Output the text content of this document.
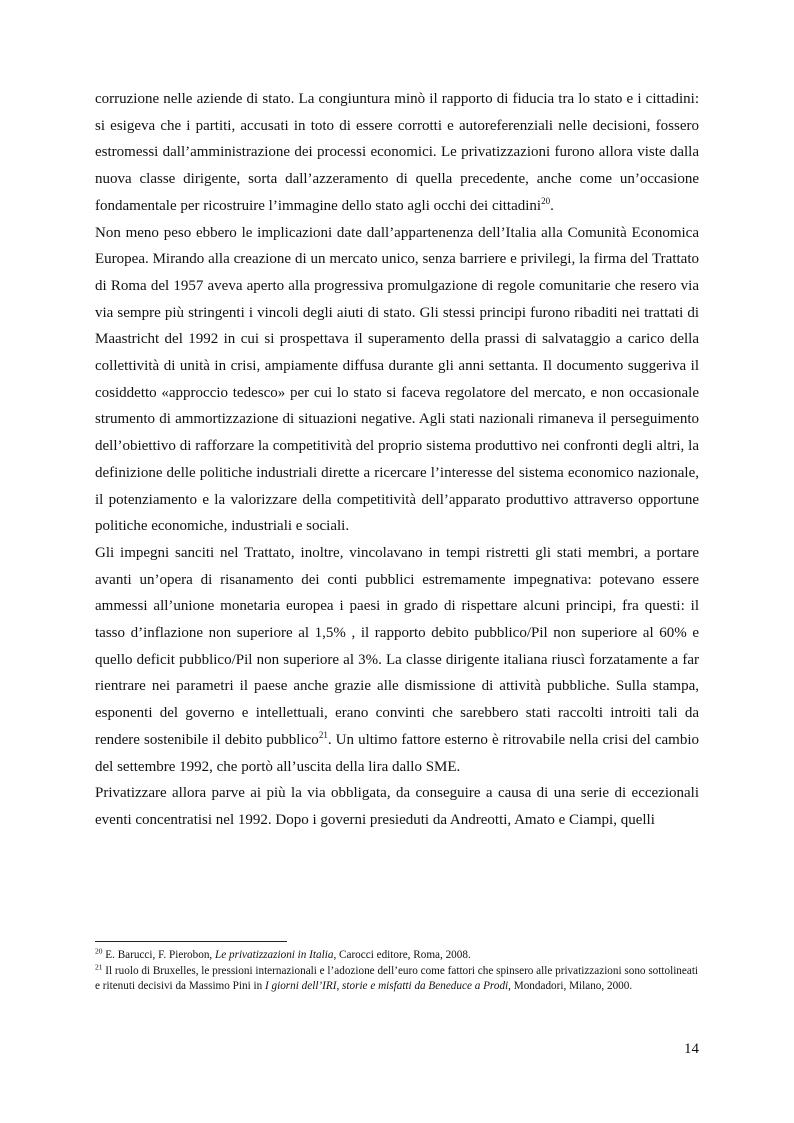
corruzione nelle aziende di stato. La congiuntura minò il rapporto di fiducia tra lo stato e i cittadini: si esigeva che i partiti, accusati in toto di essere corrotti e autoreferenziali nelle decisioni, fossero estromessi dall’amministrazione dei processi economici. Le privatizzazioni furono allora viste dalla nuova classe dirigente, sorta dall’azzeramento di quella precedente, anche come un’occasione fondamentale per ricostruire l’immagine dello stato agli occhi dei cittadini$^{20}$.

Non meno peso ebbero le implicazioni date dall’appartenenza dell’Italia alla Comunità Economica Europea. Mirando alla creazione di un mercato unico, senza barriere e privilegi, la firma del Trattato di Roma del 1957 aveva aperto alla progressiva promulgazione di regole comunitarie che resero via via sempre più stringenti i vincoli degli aiuti di stato. Gli stessi principi furono ribaditi nei trattati di Maastricht del 1992 in cui si prospettava il superamento della prassi di salvataggio a carico della collettività di unità in crisi, ampiamente diffusa durante gli anni settanta. Il documento suggeriva il cosiddetto «approccio tedesco» per cui lo stato si faceva regolatore del mercato, e non occasionale strumento di ammortizzazione di situazioni negative. Agli stati nazionali rimaneva il perseguimento dell’obiettivo di rafforzare la competitività del proprio sistema produttivo nei confronti degli altri, la definizione delle politiche industriali dirette a ricercare l’interesse del sistema economico nazionale, il potenziamento e la valorizzare della competitività dell’apparato produttivo attraverso opportune politiche economiche, industriali e sociali.

Gli impegni sanciti nel Trattato, inoltre, vincolavano in tempi ristretti gli stati membri, a portare avanti un’opera di risanamento dei conti pubblici estremamente impegnativa: potevano essere ammessi all’unione monetaria europea i paesi in grado di rispettare alcuni principi, fra questi: il tasso d’inflazione non superiore al 1,5% , il rapporto debito pubblico/Pil non superiore al 60% e quello deficit pubblico/Pil non superiore al 3%. La classe dirigente italiana riuscì forzatamente a far rientrare nei parametri il paese anche grazie alle dismissione di attività pubbliche. Sulla stampa, esponenti del governo e intellettuali, erano convinti che sarebbero stati raccolti introiti tali da rendere sostenibile il debito pubblico$^{21}$. Un ultimo fattore esterno è ritrovabile nella crisi del cambio del settembre 1992, che portò all’uscita della lira dallo SME.

Privatizzare allora parve ai più la via obbligata, da conseguire a causa di una serie di eccezionali eventi concentratisi nel 1992. Dopo i governi presieduti da Andreotti, Amato e Ciampi, quelli

$^{20}$ E. Barucci, F. Pierobon, Le privatizzazioni in Italia, Carocci editore, Roma, 2008.

$^{21}$ Il ruolo di Bruxelles, le pressioni internazionali e l’adozione dell’euro come fattori che spinsero alle privatizzazioni sono sottolineati e ritenuti decisivi da Massimo Pini in I giorni dell’IRI, storie e misfatti da Beneduce a Prodi, Mondadori, Milano, 2000.

14
